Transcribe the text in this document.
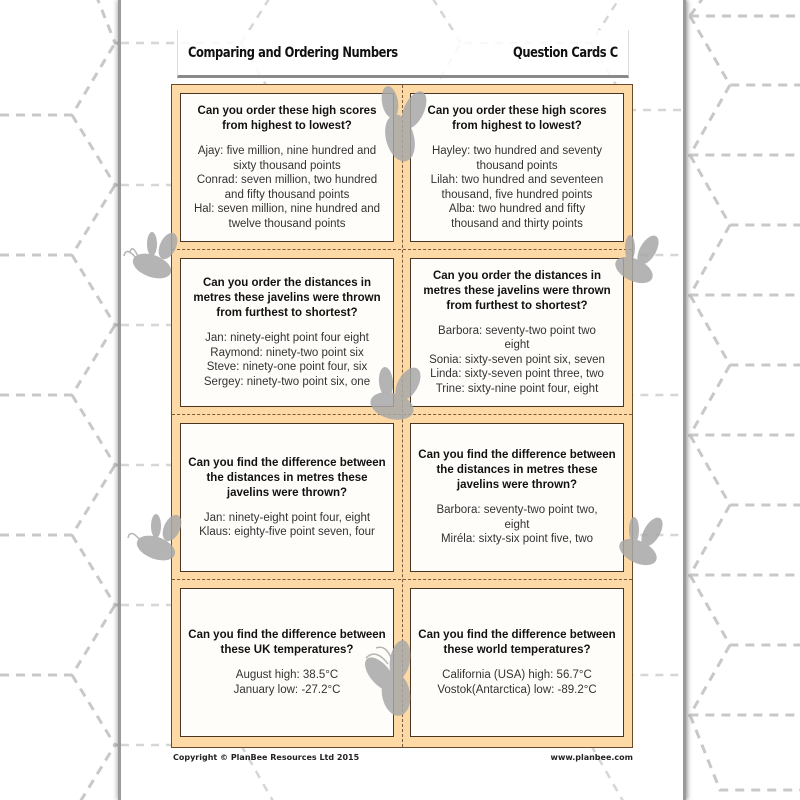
Comparing and Ordering Numbers	Question Cards C
Can you order these high scores from highest to lowest?
Ajay: five million, nine hundred and
sixty thousand points
Conrad: seven million, two hundred
and fifty thousand points
Hal: seven million, nine hundred and
twelve thousand points
Can you order these high scores from highest to lowest?
Hayley: two hundred and seventy
thousand points
Lilah: two hundred and seventeen
thousand, five hundred points
Alba: two hundred and fifty
thousand and thirty points
Can you order the distances in metres these javelins were thrown from furthest to shortest?
Jan: ninety-eight point four eight
Raymond: ninety-two point six
Steve: ninety-one point four, six
Sergey: ninety-two point six, one
Can you order the distances in metres these javelins were thrown from furthest to shortest?
Barbora: seventy-two point two
eight
Sonia: sixty-seven point six, seven
Linda: sixty-seven point three, two
Trine: sixty-nine point four, eight
Can you find the difference between the distances in metres these javelins were thrown?
Jan: ninety-eight point four, eight
Klaus: eighty-five point seven, four
Can you find the difference between the distances in metres these javelins were thrown?
Barbora: seventy-two point two,
eight
Miréla: sixty-six point five, two
Can you find the difference between these UK temperatures?
August high: 38.5°C
January low: -27.2°C
Can you find the difference between these world temperatures?
California (USA) high: 56.7°C
Vostok(Antarctica) low: -89.2°C
Copyright © PlanBee Resources Ltd 2015	www.planbee.com
